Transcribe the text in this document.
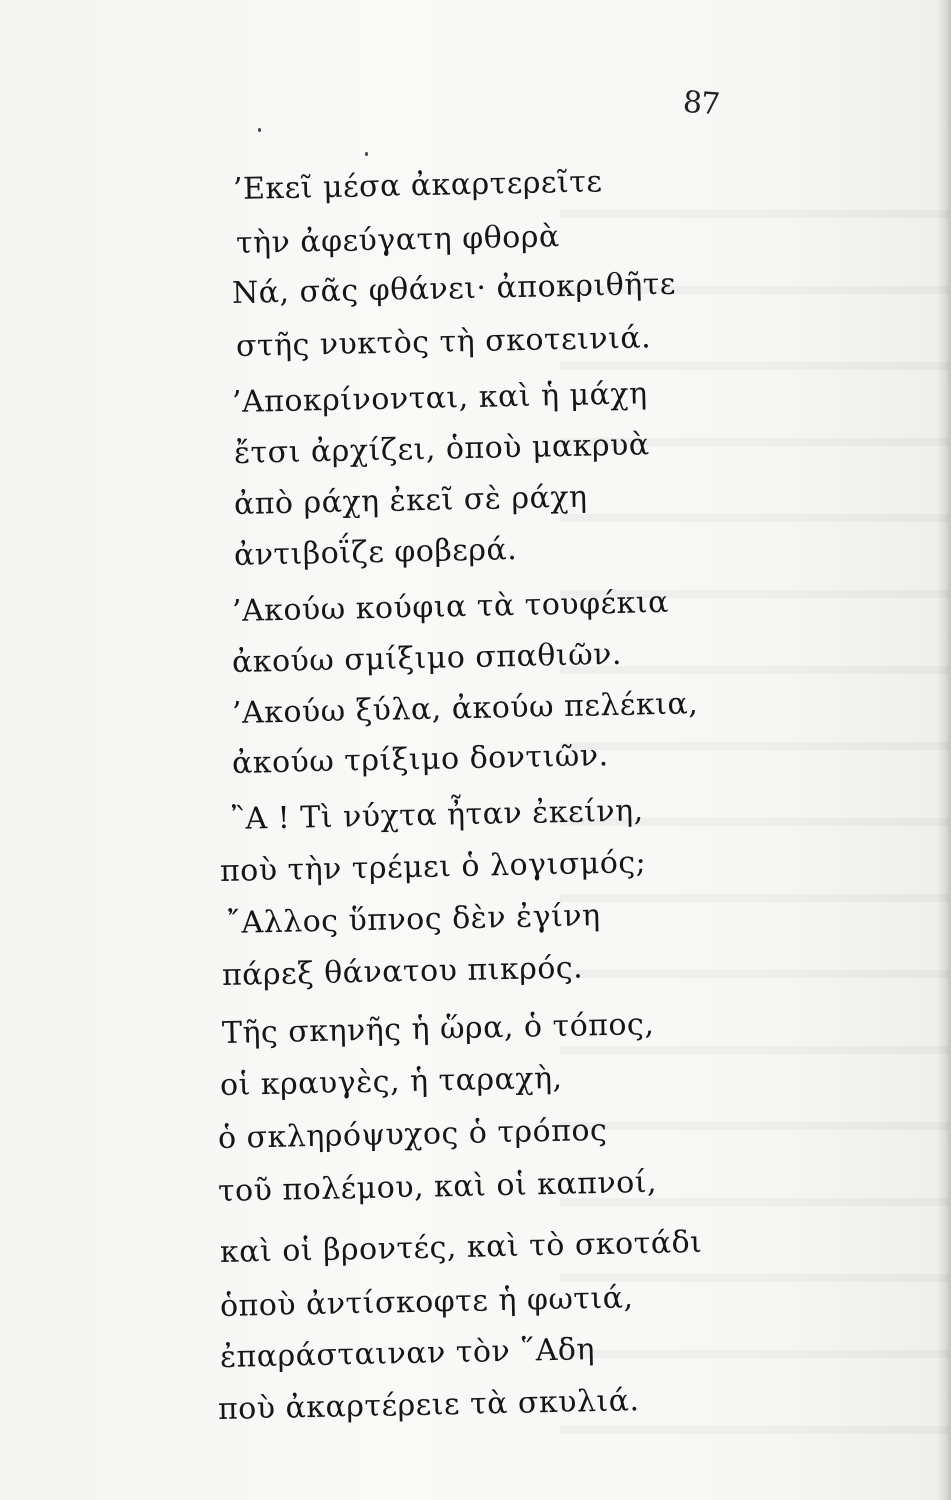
87
’Εκεῖ μέσα ἀκαρτερεῖτε
τὴν ἀφεύγατη φθορὰ
Νά, σᾶς φθάνει· ἀποκριθῆτε
στῆς νυκτὸς τὴ σκοτεινιά.
’Αποκρίνονται, καὶ ἡ μάχη
ἔτσι ἀρχίζει, ὁποὺ μακρυὰ
ἀπὸ ράχη ἐκεῖ σὲ ράχη
ἀντιβοΐζε φοβερά.
’Ακούω κούφια τὰ τουφέκια
ἀκούω σμίξιμο σπαθιῶν.
’Ακούω ξύλα, ἀκούω πελέκια,
ἀκούω τρίξιμο δοντιῶν.
῍Α ! Τὶ νύχτα ἦταν ἐκείνη,
ποὺ τὴν τρέμει ὁ λογισμός;
῎Αλλος ὕπνος δὲν ἐγίνη
πάρεξ θάνατου πικρός.
Τῆς σκηνῆς ἡ ὥρα, ὁ τόπος,
οἱ κραυγὲς, ἡ ταραχὴ,
ὁ σκληρόψυχος ὁ τρόπος
τοῦ πολέμου, καὶ οἱ καπνοί,
καὶ οἱ βροντές, καὶ τὸ σκοτάδι
ὁποὺ ἀντίσκοφτε ἡ φωτιά,
ἐπαράσταιναν τὸν ῞Αδη
ποὺ ἀκαρτέρειε τὰ σκυλιά.
